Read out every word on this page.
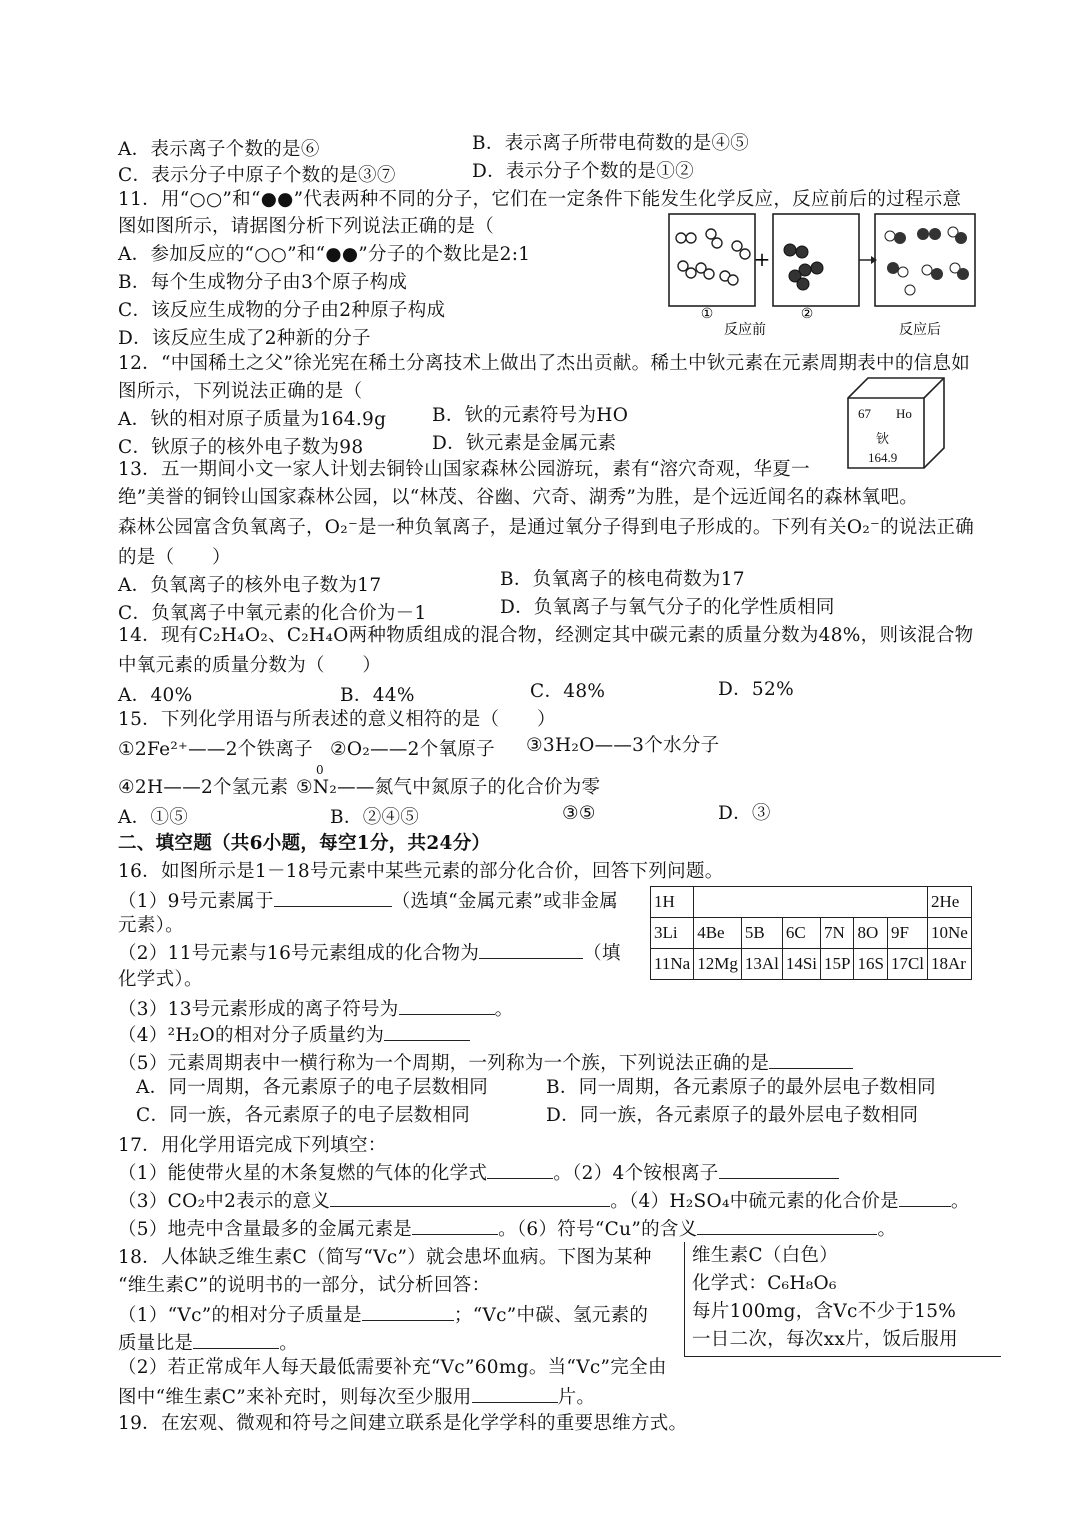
A．表示离子个数的是⑥	B．表示离子所带电荷数的是④⑤
C．表示分子中原子个数的是③⑦	D．表示分子个数的是①②
11．用“○○”和“●●”代表两种不同的分子，它们在一定条件下能发生化学反应，反应前后的过程示意
图如图所示，请据图分析下列说法正确的是（
A．参加反应的“○○”和“●●”分子的个数比是2:1
B．每个生成物分子由3个原子构成
C．该反应生成物的分子由2种原子构成
D．该反应生成了2种新的分子
+
①	②
反应前	反应后
12．“中国稀土之父”徐光宪在稀土分离技术上做出了杰出贡献。稀土中钬元素在元素周期表中的信息如
图所示，下列说法正确的是（
A．钬的相对原子质量为164.9g B．钬的元素符号为HO
C．钬原子的核外电子数为98	D．钬元素是金属元素
67 Ho
钬
164.9
13．五一期间小文一家人计划去铜铃山国家森林公园游玩，素有“溶穴奇观，华夏一
绝”美誉的铜铃山国家森林公园，以“林茂、谷幽、穴奇、湖秀”为胜，是个远近闻名的森林氧吧。
森林公园富含负氧离子，O₂⁻是一种负氧离子，是通过氧分子得到电子形成的。下列有关O₂⁻的说法正确
的是（　　）
A．负氧离子的核外电子数为17	B．负氧离子的核电荷数为17
C．负氧离子中氧元素的化合价为－1	D．负氧离子与氧气分子的化学性质相同
14．现有C₂H₄O₂、C₂H₄O两种物质组成的混合物，经测定其中碳元素的质量分数为48%，则该混合物
中氧元素的质量分数为（　　）
A．40%	B．44%	C．48%	D．52%
15．下列化学用语与所表述的意义相符的是（　　）
①2Fe²⁺——2个铁离子 ②O₂——2个氧原子 ③3H₂O——3个水分子
④2H——2个氢元素
0
⑤N₂——氮气中氮原子的化合价为零
A．①⑤	B．②④⑤	③⑤	D．③
二、填空题（共6小题，每空1分，共24分）
16．如图所示是1－18号元素中某些元素的部分化合价，回答下列问题。
（1）9号元素属于	（选填“金属元素”或非金属
元素）。
（2）11号元素与16号元素组成的化合物为	（填
化学式）。
（3）13号元素形成的离子符号为	。
（4）²H₂O的相对分子质量约为
（5）元素周期表中一横行称为一个周期，一列称为一个族，下列说法正确的是
A．同一周期，各元素原子的电子层数相同	B．同一周期，各元素原子的最外层电子数相同
C．同一族，各元素原子的电子层数相同	D．同一族，各元素原子的最外层电子数相同
1H							2He
3Li	4Be	5B	6C	7N	8O	9F	10Ne
11Na	12Mg	13Al	14Si	15P	16S	17Cl	18Ar
17．用化学用语完成下列填空：
（1）能使带火星的木条复燃的气体的化学式	。（2）4个铵根离子
（3）CO₂中2表示的意义	。（4）H₂SO₄中硫元素的化合价是	。
（5）地壳中含量最多的金属元素是	。（6）符号“Cu”的含义	。
18．人体缺乏维生素C（简写“Vc”）就会患坏血病。下图为某种
“维生素C”的说明书的一部分，试分析回答：
（1）“Vc”的相对分子质量是	；“Vc”中碳、氢元素的
质量比是	。
（2）若正常成年人每天最低需要补充“Vc”60mg。当“Vc”完全由
图中“维生素C”来补充时，则每次至少服用	片。
维生素C（白色）
化学式：C₆H₈O₆
每片100mg，含Vc不少于15%
一日二次，每次xx片，饭后服用
19．在宏观、微观和符号之间建立联系是化学学科的重要思维方式。
